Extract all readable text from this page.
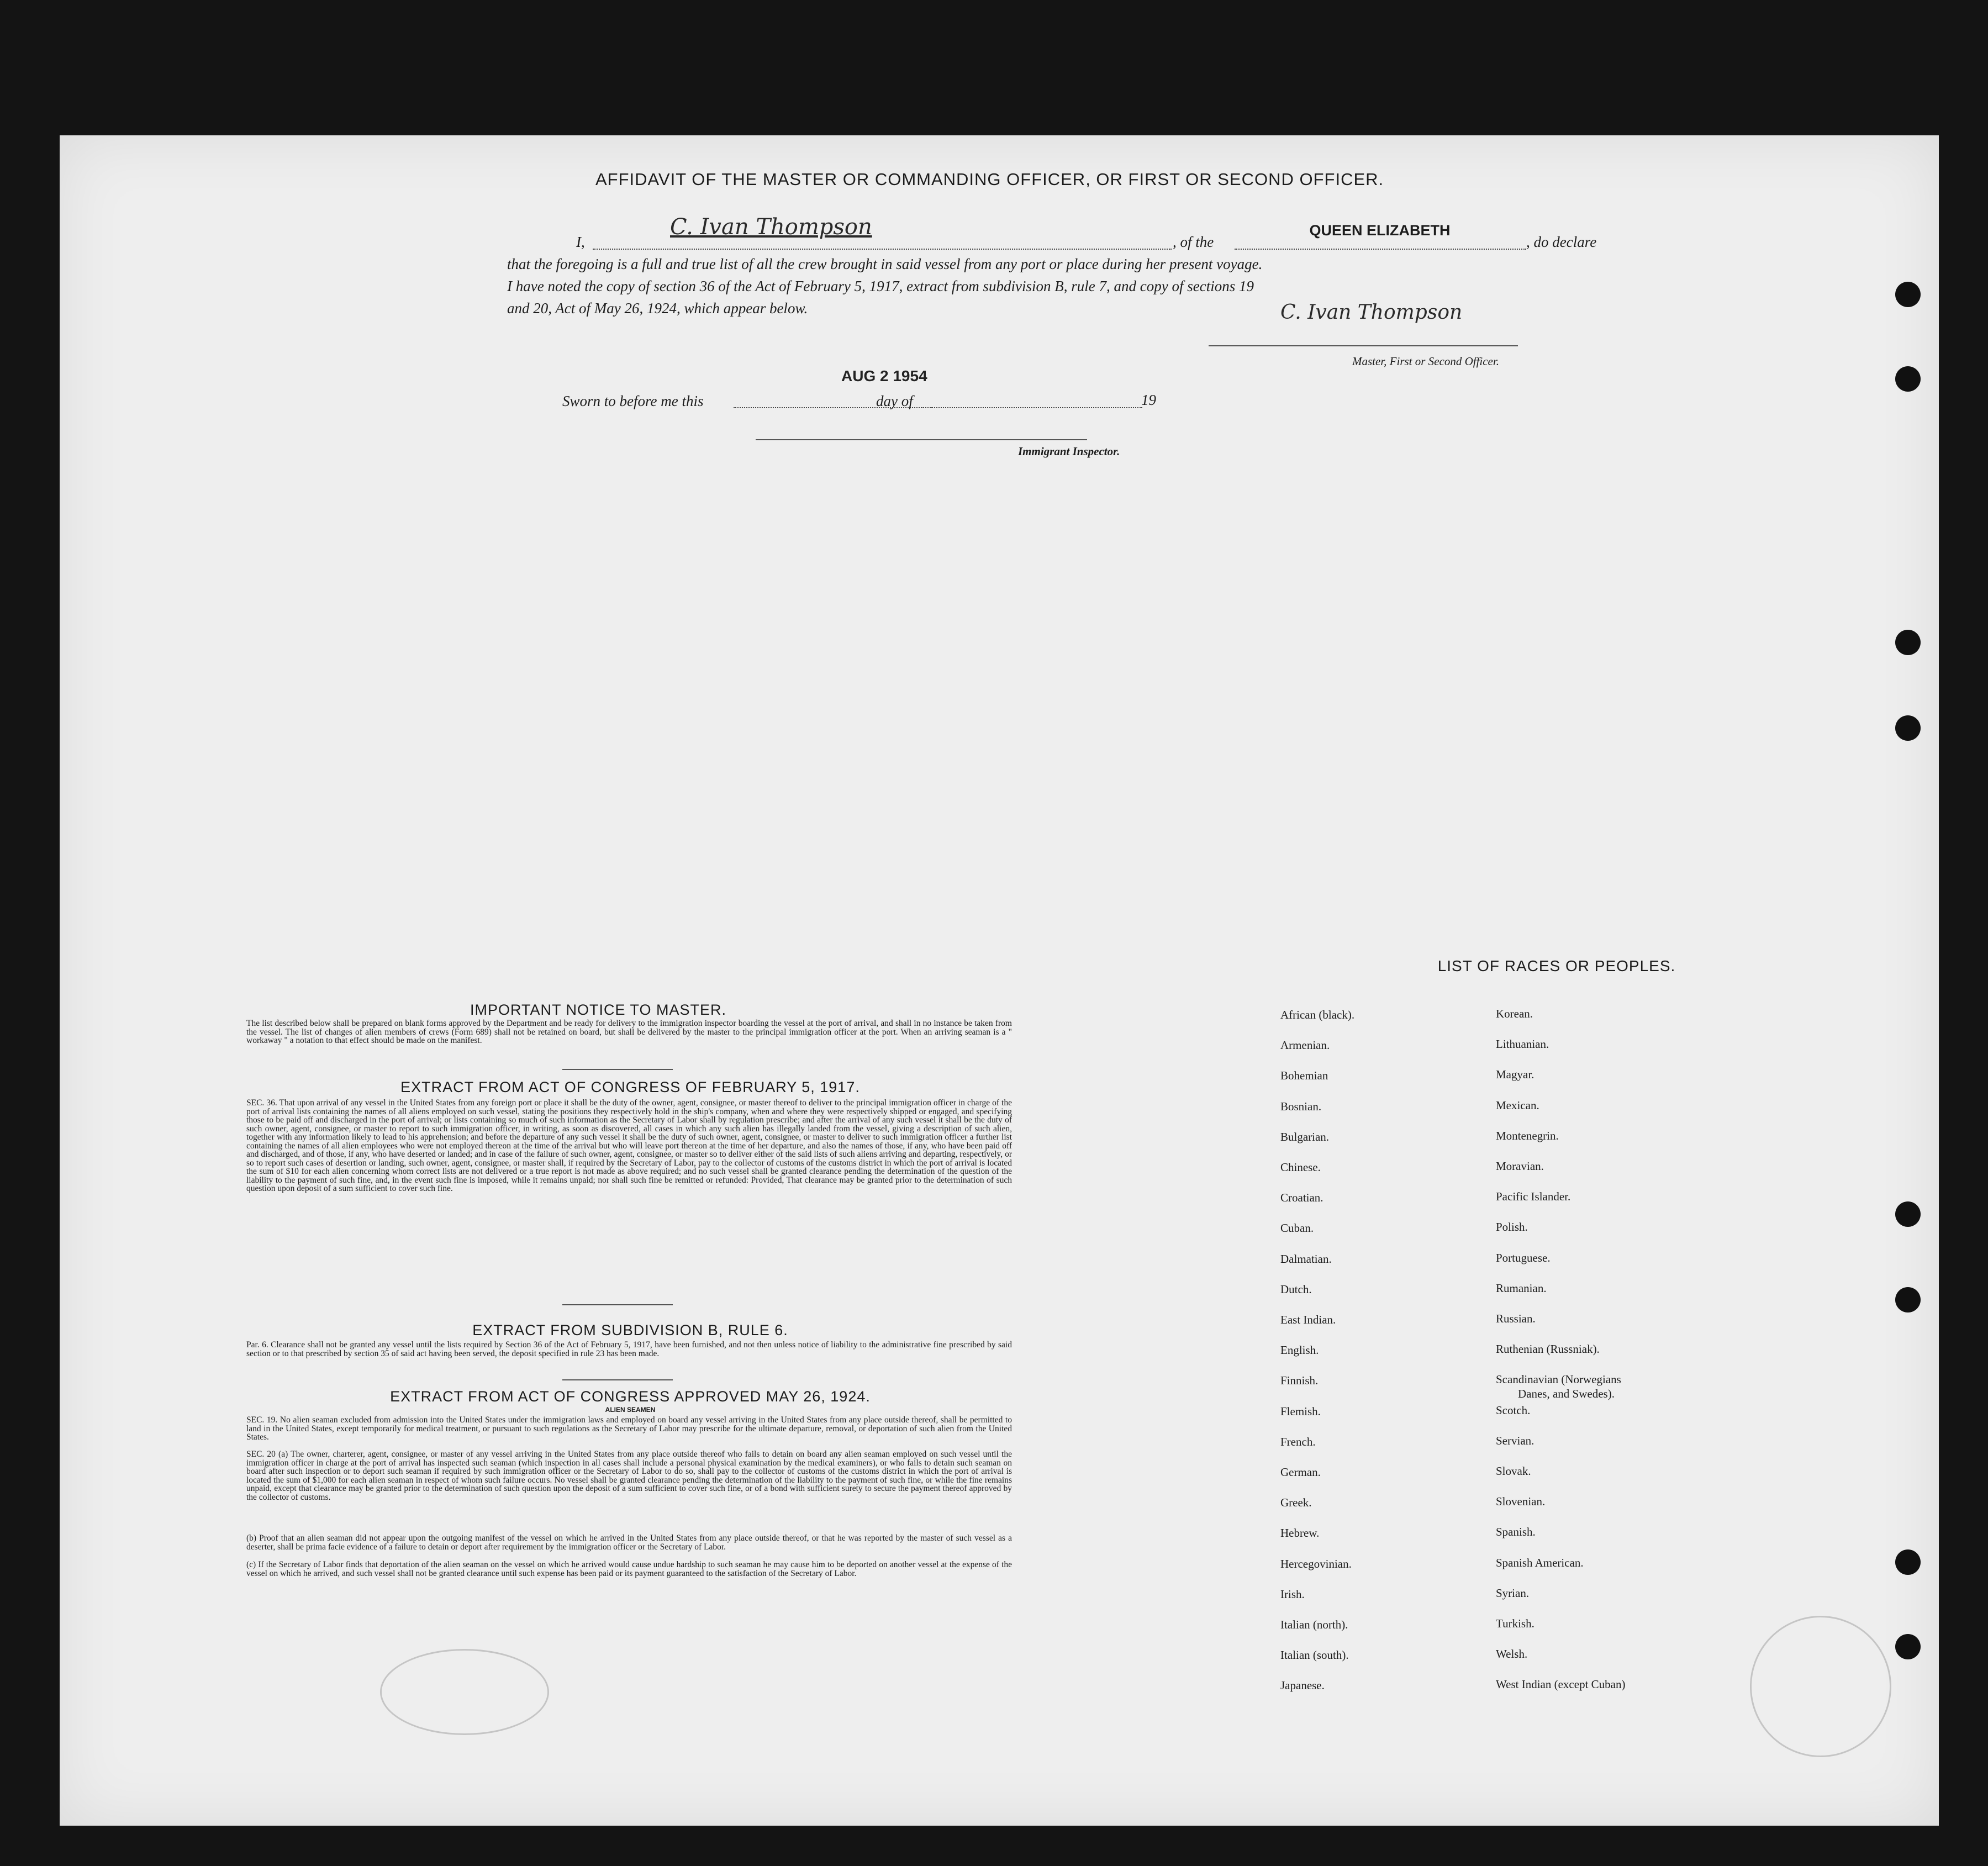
AFFIDAVIT OF THE MASTER OR COMMANDING OFFICER, OR FIRST OR SECOND OFFICER.
I,
C. Ivan Thompson
, of the
QUEEN ELIZABETH
, do declare
that the foregoing is a full and true list of all the crew brought in said vessel from any port or place during her present voyage.
I have noted the copy of section 36 of the Act of February 5, 1917, extract from subdivision B, rule 7, and copy of sections 19
and 20, Act of May 26, 1924, which appear below.	C. Ivan Thompson
Master, First or Second Officer.
Sworn to before me this
AUG 2 1954
day of	19
Immigrant Inspector.
IMPORTANT NOTICE TO MASTER.
The list described below shall be prepared on blank forms approved by the Department and be ready for delivery to the immigration inspector boarding the vessel at the port of arrival, and shall in no instance be taken from the vessel. The list of changes of alien members of crews (Form 689) shall not be retained on board, but shall be delivered by the master to the principal immigration officer at the port. When an arriving seaman is a " workaway " a notation to that effect should be made on the manifest.
EXTRACT FROM ACT OF CONGRESS OF FEBRUARY 5, 1917.
SEC. 36. That upon arrival of any vessel in the United States from any foreign port or place it shall be the duty of the owner, agent, consignee, or master thereof to deliver to the principal immigration officer in charge of the port of arrival lists containing the names of all aliens employed on such vessel, stating the positions they respectively hold in the ship's company, when and where they were respectively shipped or engaged, and specifying those to be paid off and discharged in the port of arrival; or lists containing so much of such information as the Secretary of Labor shall by regulation prescribe; and after the arrival of any such vessel it shall be the duty of such owner, agent, consignee, or master to report to such immigration officer, in writing, as soon as discovered, all cases in which any such alien has illegally landed from the vessel, giving a description of such alien, together with any information likely to lead to his apprehension; and before the departure of any such vessel it shall be the duty of such owner, agent, consignee, or master to deliver to such immigration officer a further list containing the names of all alien employees who were not employed thereon at the time of the arrival but who will leave port thereon at the time of her departure, and also the names of those, if any, who have been paid off and discharged, and of those, if any, who have deserted or landed; and in case of the failure of such owner, agent, consignee, or master so to deliver either of the said lists of such aliens arriving and departing, respectively, or so to report such cases of desertion or landing, such owner, agent, consignee, or master shall, if required by the Secretary of Labor, pay to the collector of customs of the customs district in which the port of arrival is located the sum of $10 for each alien concerning whom correct lists are not delivered or a true report is not made as above required; and no such vessel shall be granted clearance pending the determination of the question of the liability to the payment of such fine, and, in the event such fine is imposed, while it remains unpaid; nor shall such fine be remitted or refunded: Provided, That clearance may be granted prior to the determination of such question upon deposit of a sum sufficient to cover such fine.
EXTRACT FROM SUBDIVISION B, RULE 6.
Par. 6. Clearance shall not be granted any vessel until the lists required by Section 36 of the Act of February 5, 1917, have been furnished, and not then unless notice of liability to the administrative fine prescribed by said section or to that prescribed by section 35 of said act having been served, the deposit specified in rule 23 has been made.
EXTRACT FROM ACT OF CONGRESS APPROVED MAY 26, 1924.
ALIEN SEAMEN
SEC. 19. No alien seaman excluded from admission into the United States under the immigration laws and employed on board any vessel arriving in the United States from any place outside thereof, shall be permitted to land in the United States, except temporarily for medical treatment, or pursuant to such regulations as the Secretary of Labor may prescribe for the ultimate departure, removal, or deportation of such alien from the United States.
SEC. 20 (a) The owner, charterer, agent, consignee, or master of any vessel arriving in the United States from any place outside thereof who fails to detain on board any alien seaman employed on such vessel until the immigration officer in charge at the port of arrival has inspected such seaman (which inspection in all cases shall include a personal physical examination by the medical examiners), or who fails to detain such seaman on board after such inspection or to deport such seaman if required by such immigration officer or the Secretary of Labor to do so, shall pay to the collector of customs of the customs district in which the port of arrival is located the sum of $1,000 for each alien seaman in respect of whom such failure occurs. No vessel shall be granted clearance pending the determination of the liability to the payment of such fine, or while the fine remains unpaid, except that clearance may be granted prior to the determination of such question upon the deposit of a sum sufficient to cover such fine, or of a bond with sufficient surety to secure the payment thereof approved by the collector of customs.
(b) Proof that an alien seaman did not appear upon the outgoing manifest of the vessel on which he arrived in the United States from any place outside thereof, or that he was reported by the master of such vessel as a deserter, shall be prima facie evidence of a failure to detain or deport after requirement by the immigration officer or the Secretary of Labor.
(c) If the Secretary of Labor finds that deportation of the alien seaman on the vessel on which he arrived would cause undue hardship to such seaman he may cause him to be deported on another vessel at the expense of the vessel on which he arrived, and such vessel shall not be granted clearance until such expense has been paid or its payment guaranteed to the satisfaction of the Secretary of Labor.
LIST OF RACES OR PEOPLES.
African (black).
Armenian.
Bohemian
Bosnian.
Bulgarian.
Chinese.
Croatian.
Cuban.
Dalmatian.
Dutch.
East Indian.
English.
Finnish.
Flemish.
French.
German.
Greek.
Hebrew.
Hercegovinian.
Irish.
Italian (north).
Italian (south).
Japanese.
Korean.
Lithuanian.
Magyar.
Mexican.
Montenegrin.
Moravian.
Pacific Islander.
Polish.
Portuguese.
Rumanian.
Russian.
Ruthenian (Russniak).
Scandinavian (Norwegians
Danes, and Swedes).
Scotch.
Servian.
Slovak.
Slovenian.
Spanish.
Spanish American.
Syrian.
Turkish.
Welsh.
West Indian (except Cuban)
